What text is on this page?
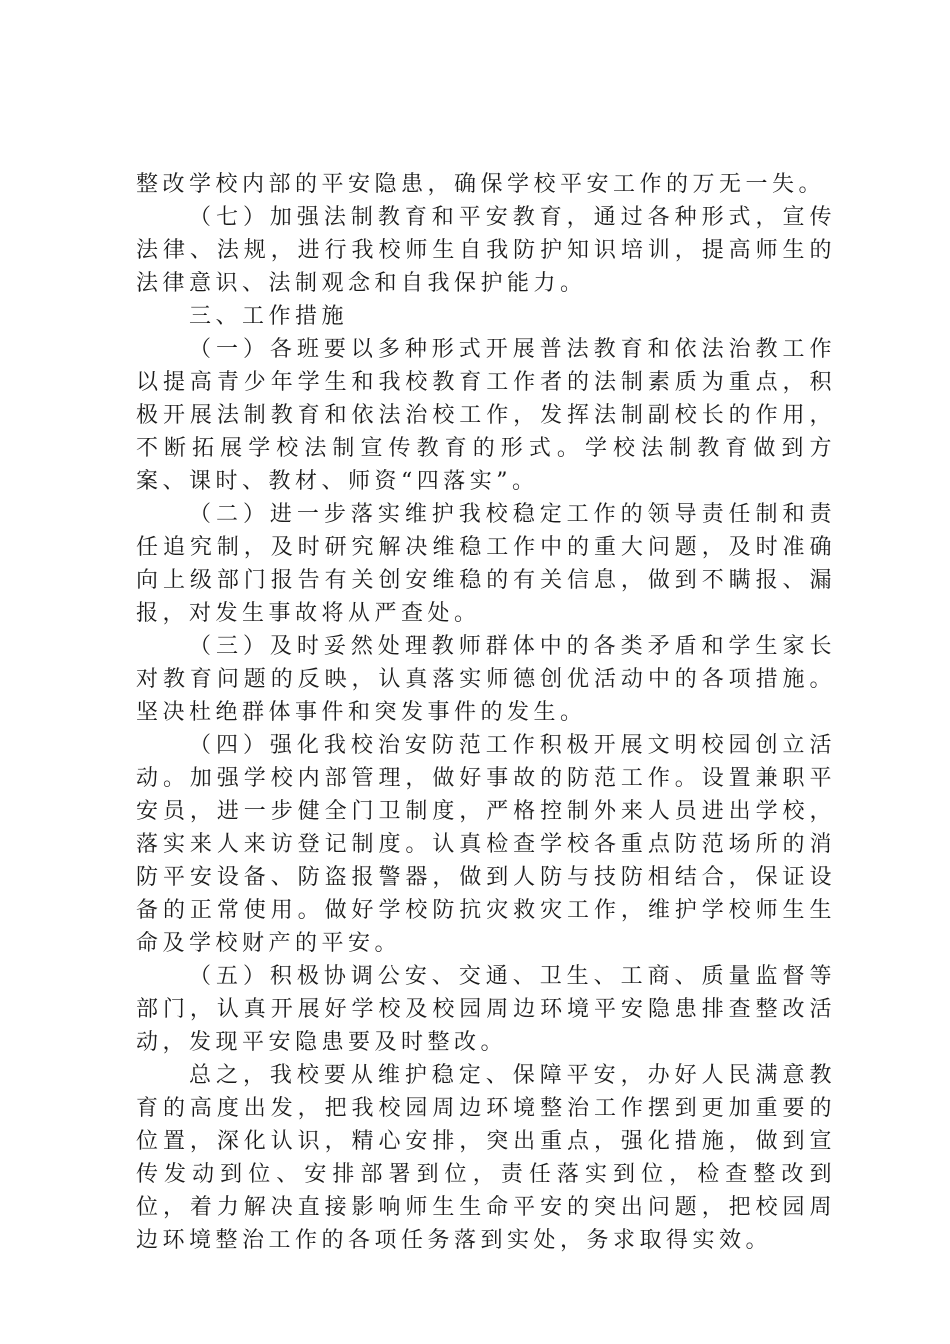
整改学校内部的平安隐患，确保学校平安工作的万无一失。

（七）加强法制教育和平安教育，通过各种形式，宣传法律、法规，进行我校师生自我防护知识培训，提高师生的法律意识、法制观念和自我保护能力。

三、工作措施

（一）各班要以多种形式开展普法教育和依法治教工作以提高青少年学生和我校教育工作者的法制素质为重点，积极开展法制教育和依法治校工作，发挥法制副校长的作用，不断拓展学校法制宣传教育的形式。学校法制教育做到方案、课时、教材、师资“四落实”。

（二）进一步落实维护我校稳定工作的领导责任制和责任追究制，及时研究解决维稳工作中的重大问题，及时准确向上级部门报告有关创安维稳的有关信息，做到不瞒报、漏报，对发生事故将从严查处。

（三）及时妥然处理教师群体中的各类矛盾和学生家长对教育问题的反映，认真落实师德创优活动中的各项措施。坚决杜绝群体事件和突发事件的发生。

（四）强化我校治安防范工作积极开展文明校园创立活动。加强学校内部管理，做好事故的防范工作。设置兼职平安员，进一步健全门卫制度，严格控制外来人员进出学校，落实来人来访登记制度。认真检查学校各重点防范场所的消防平安设备、防盗报警器，做到人防与技防相结合，保证设备的正常使用。做好学校防抗灾救灾工作，维护学校师生生命及学校财产的平安。

（五）积极协调公安、交通、卫生、工商、质量监督等部门，认真开展好学校及校园周边环境平安隐患排查整改活动，发现平安隐患要及时整改。

总之，我校要从维护稳定、保障平安，办好人民满意教育的高度出发，把我校园周边环境整治工作摆到更加重要的位置，深化认识，精心安排，突出重点，强化措施，做到宣传发动到位、安排部署到位，责任落实到位，检查整改到位，着力解决直接影响师生生命平安的突出问题，把校园周边环境整治工作的各项任务落到实处，务求取得实效。
